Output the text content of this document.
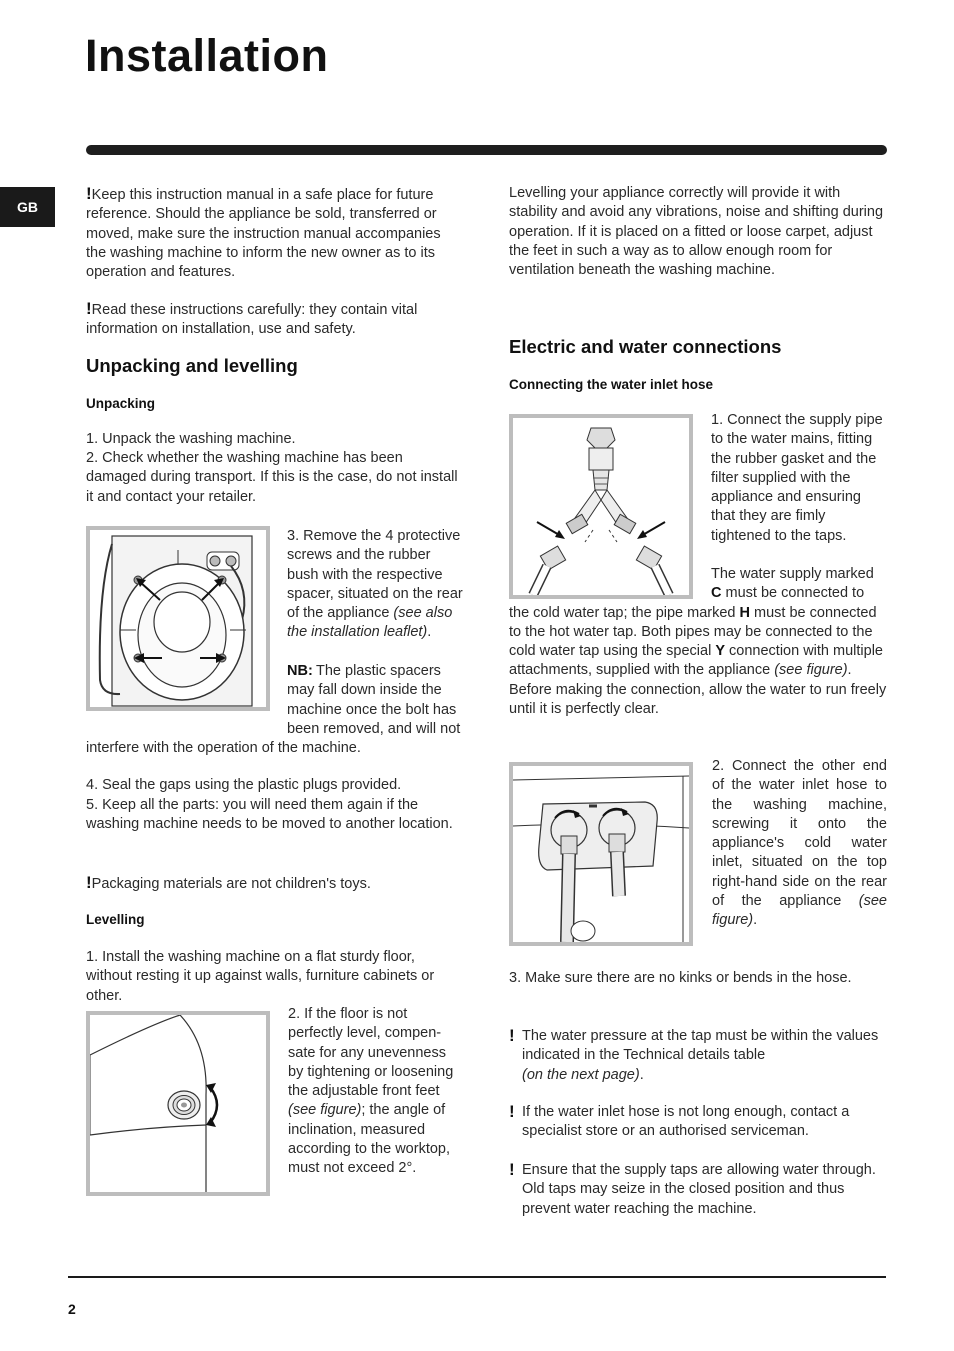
Installation
GB

!Keep this instruction manual in a safe place for future reference. Should the appliance be sold, transferred or moved, make sure the instruction manual accompanies the washing machine to inform the new owner as to its operation and features.

!Read these instructions carefully: they contain vital information on installation, use and safety.

Unpacking and levelling
Unpacking

1. Unpack the washing machine.

2. Check whether the washing machine has been damaged during transport. If this is the case, do not install it and contact your retailer.

3. Remove the 4 protective screws and the rubber bush with the respective spacer, situated on the rear of the appliance (see also the installation leaflet).

NB: The plastic spacers may fall down inside the machine once the bolt has been removed, and will not interfere with the operation of the machine.

4. Seal the gaps using the plastic plugs provided.

5. Keep all the parts: you will need them again if the washing machine needs to be moved to another location.

!Packaging materials are not children's toys.

Levelling

1. Install the washing machine on a flat sturdy floor, without resting it up against walls, furniture cabinets or other.

2. If the floor is not perfectly level, compen-sate for any unevenness by tightening or loosening the adjustable front feet (see figure); the angle of inclination, measured according to the worktop, must not exceed 2°.

Levelling your appliance correctly will provide it with stability and avoid any vibrations, noise and shifting during operation. If it is placed on a fitted or loose carpet, adjust the feet in such a way as to allow enough room for ventilation beneath the washing machine.

Electric and water connections
Connecting the water inlet hose

1. Connect the supply pipe to the water mains, fitting the rubber gasket and the filter supplied with the appliance and ensuring that they are fimly tightened to the taps.

The water supply marked C must be connected to the cold water tap; the pipe marked H must be connected to the hot water tap. Both pipes may be connected to the cold water tap using the special Y connection with multiple attachments, supplied with the appliance (see figure).
Before making the connection, allow the water to run freely until it is perfectly clear.

2. Connect the other end of the water inlet hose to the washing machine, screwing it onto the appliance's cold water inlet, situated on the top right-hand side on the rear of the appliance (see figure).

3. Make sure there are no kinks or bends in the hose.

! The water pressure at the tap must be within the values indicated in the Technical details table
(on the next page).

! If the water inlet hose is not long enough, contact a specialist store or an authorised serviceman.

! Ensure that the supply taps are allowing water through. Old taps may seize in the closed position and thus prevent water reaching the machine.

2
